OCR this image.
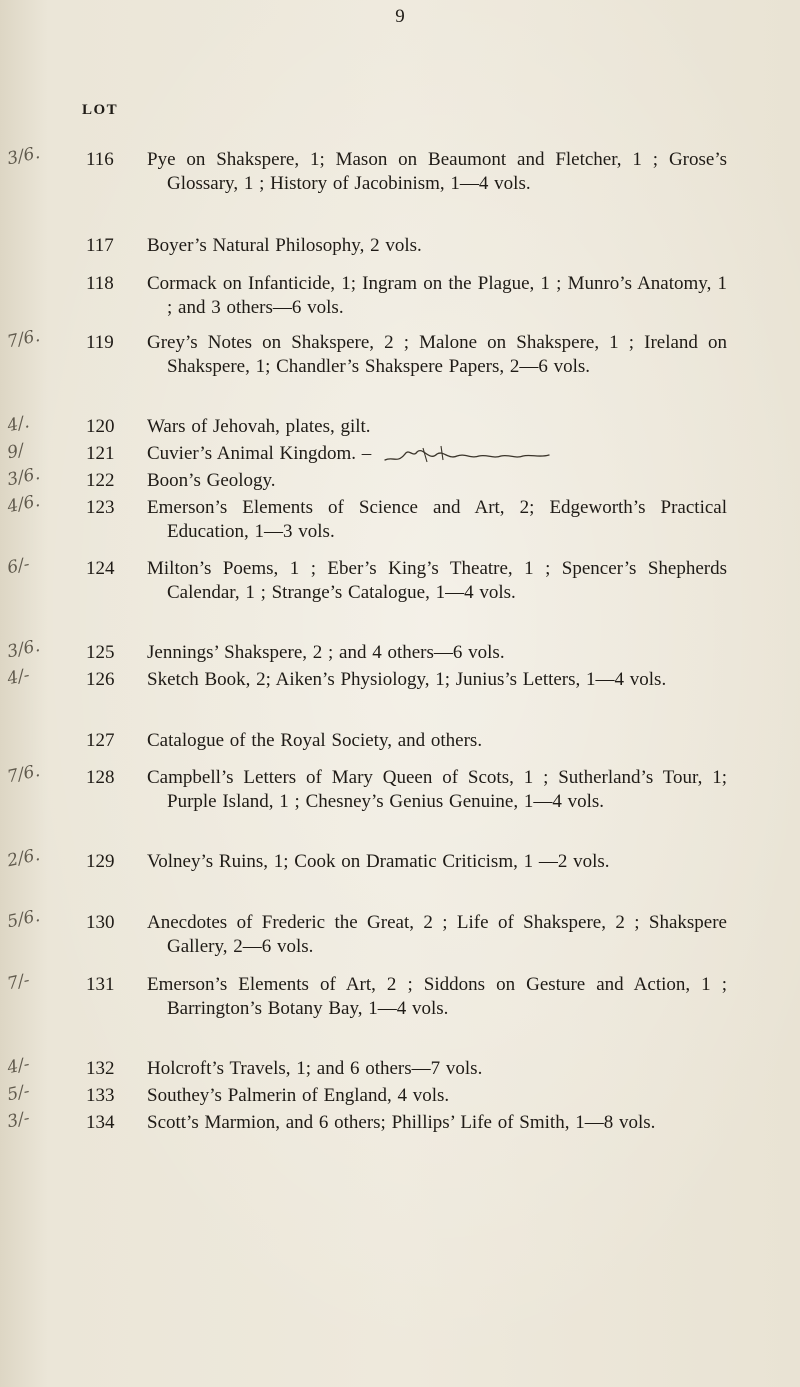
9
LOT
3/6.	116	Pye on Shakspere, 1; Mason on Beaumont and Fletcher, 1 ; Grose’s Glossary, 1 ; History of Jacobinism, 1—4 vols.
117	Boyer’s Natural Philosophy, 2 vols.
118	Cormack on Infanticide, 1; Ingram on the Plague, 1 ; Munro’s Anatomy, 1 ; and 3 others—6 vols.
7/6.	119	Grey’s Notes on Shakspere, 2 ; Malone on Shakspere, 1 ; Ireland on Shakspere, 1; Chandler’s Shakspere Papers, 2—6 vols.
4/.	120	Wars of Jehovah, plates, gilt.
9/	121	Cuvier’s Animal Kingdom. –
3/6.	122	Boon’s Geology.
4/6.	123	Emerson’s Elements of Science and Art, 2; Edgeworth’s Practical Education, 1—3 vols.
6/-	124	Milton’s Poems, 1 ; Eber’s King’s Theatre, 1 ; Spencer’s Shepherds Calendar, 1 ; Strange’s Catalogue, 1—4 vols.
3/6.	125	Jennings’ Shakspere, 2 ; and 4 others—6 vols.
4/-	126	Sketch Book, 2; Aiken’s Physiology, 1; Junius’s Letters, 1—4 vols.
127	Catalogue of the Royal Society, and others.
7/6.	128	Campbell’s Letters of Mary Queen of Scots, 1 ; Sutherland’s Tour, 1; Purple Island, 1 ; Chesney’s Genius Genuine, 1—4 vols.
2/6.	129	Volney’s Ruins, 1; Cook on Dramatic Criticism, 1 —2 vols.
5/6.	130	Anecdotes of Frederic the Great, 2 ; Life of Shakspere, 2 ; Shakspere Gallery, 2—6 vols.
7/-	131	Emerson’s Elements of Art, 2 ; Siddons on Gesture and Action, 1 ; Barrington’s Botany Bay, 1—4 vols.
4/-	132	Holcroft’s Travels, 1; and 6 others—7 vols.
5/-	133	Southey’s Palmerin of England, 4 vols.
3/-	134	Scott’s Marmion, and 6 others; Phillips’ Life of Smith, 1—8 vols.
